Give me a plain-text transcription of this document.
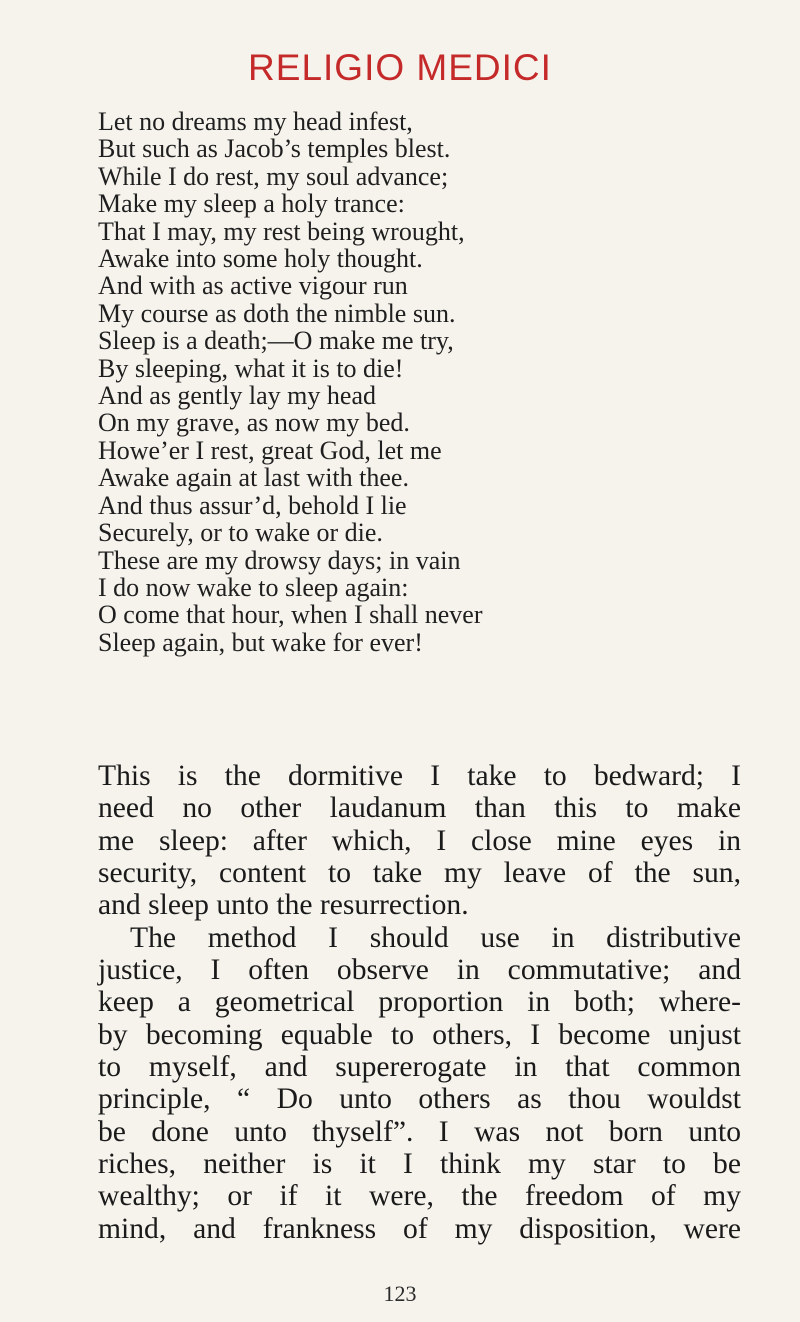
RELIGIO MEDICI
Let no dreams my head infest,
But such as Jacob’s temples blest.
While I do rest, my soul advance;
Make my sleep a holy trance:
That I may, my rest being wrought,
Awake into some holy thought.
And with as active vigour run
My course as doth the nimble sun.
Sleep is a death;—O make me try,
By sleeping, what it is to die!
And as gently lay my head
On my grave, as now my bed.
Howe’er I rest, great God, let me
Awake again at last with thee.
And thus assur’d, behold I lie
Securely, or to wake or die.
These are my drowsy days; in vain
I do now wake to sleep again:
O come that hour, when I shall never
Sleep again, but wake for ever!
This is the dormitive I take to bedward; I
need no other laudanum than this to make
me sleep: after which, I close mine eyes in
security, content to take my leave of the sun,
and sleep unto the resurrection.
The method I should use in distributive
justice, I often observe in commutative; and
keep a geometrical proportion in both; where-
by becoming equable to others, I become unjust
to myself, and supererogate in that common
principle, “ Do unto others as thou wouldst
be done unto thyself”. I was not born unto
riches, neither is it I think my star to be
wealthy; or if it were, the freedom of my
mind, and frankness of my disposition, were
123
